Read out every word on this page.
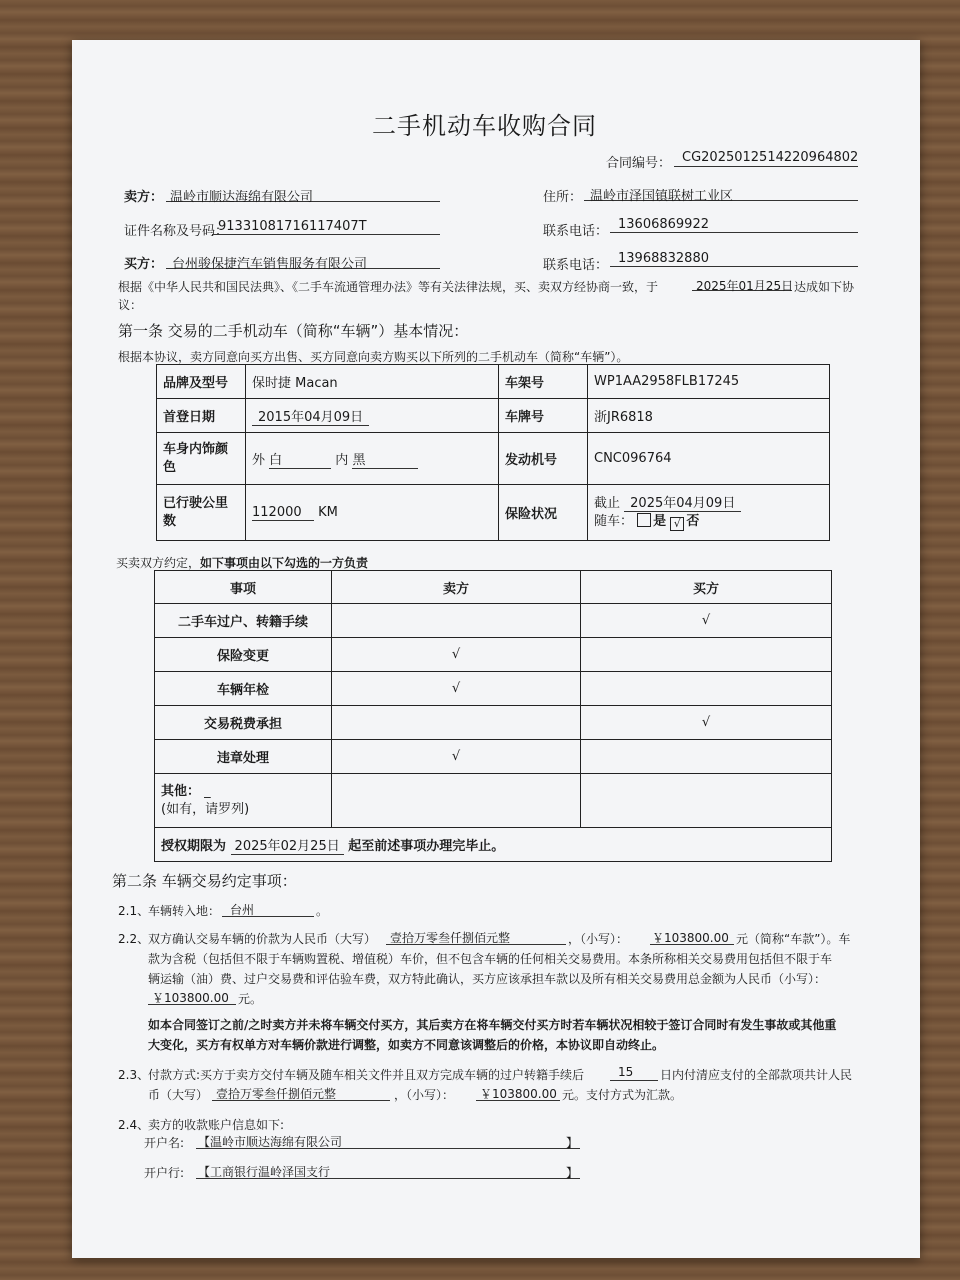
二手机动车收购合同
合同编号： CG2025012514220964802
卖方： 温岭市顺达海绵有限公司	住所： 温岭市泽国镇联树工业区
证件名称及号码：
91331081716117407T	联系电话： 13606869922
买方： 台州骏保捷汽车销售服务有限公司	联系电话： 13968832880
根据《中华人民共和国民法典》、《二手车流通管理办法》等有关法律法规，买、卖双方经协商一致，于	2025年01月25日 达成如下协
议：
第一条 交易的二手机动车（简称“车辆”）基本情况：
根据本协议，卖方同意向买方出售、买方同意向卖方购买以下所列的二手机动车（简称“车辆”）。
品牌及型号	保时捷 Macan	车架号	WP1AA2958FLB17245
首登日期	2015年04月09日	车牌号	浙JR6818
车身内饰颜色	外 白 内 黑	发动机号	CNC096764
已行驶公里数	112000 KM	保险状况	截止 2025年04月09日
随车： 是 √ 否
买卖双方约定，如下事项由以下勾选的一方负责
事项	卖方	买方
二手车过户、转籍手续		√
保险变更	√	
车辆年检	√	
交易税费承担		√
违章处理	√	

其他： _
(如有，请罗列)		

授权期限为 2025年02月25日 起至前述事项办理完毕止。		
第二条 车辆交易约定事项：
2.1、
车辆转入地： 台州	。
2.2、
双方确认交易车辆的价款为人民币（大写） 壹拾万零叁仟捌佰元整	，（小写）： ￥103800.00 元（简称“车款”）。车
款为含税（包括但不限于车辆购置税、增值税）车价，但不包含车辆的任何相关交易费用。本条所称相关交易费用包括但不限于车
辆运输（油）费、过户交易费和评估验车费，双方特此确认，买方应该承担车款以及所有相关交易费用总金额为人民币（小写）：
￥103800.00 元。
如本合同签订之前/之时卖方并未将车辆交付买方，其后卖方在将车辆交付买方时若车辆状况相较于签订合同时有发生事故或其他重
大变化，买方有权单方对车辆价款进行调整，如卖方不同意该调整后的价格，本协议即自动终止。
2.3、
付款方式:买方于卖方交付车辆及随车相关文件并且双方完成车辆的过户转籍手续后	15 日内付清应支付的全部款项共计人民
币（大写） 壹拾万零叁仟捌佰元整	，（小写）： ￥103800.00 元。支付方式为汇款。
2.4、
卖方的收款账户信息如下:
开户名: 【温岭市顺达海绵有限公司	】
开户行: 【工商银行温岭泽国支行	】
